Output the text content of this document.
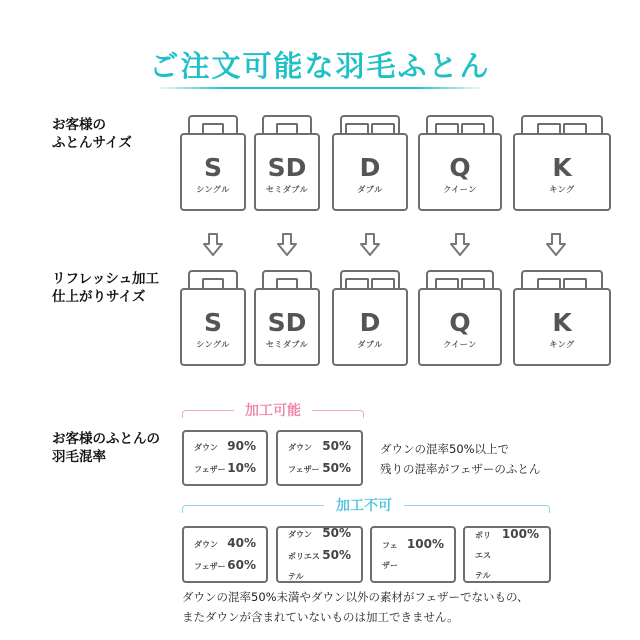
ご注文可能な羽毛ふとん
お客様の
ふとんサイズ
リフレッシュ加工
仕上がりサイズ
S
シングル
SD
セミダブル
D
ダブル
Q
クイーン
K
キング
S
シングル
SD
セミダブル
D
ダブル
Q
クイーン
K
キング
お客様のふとんの
羽毛混率
加工可能
ダウン 90%
フェザー 10%
ダウン 50%
フェザー 50%
ダウンの混率50%以上で
残りの混率がフェザーのふとん
加工不可
ダウン 40%
フェザー 60%
ダウン 50%
ポリエステル
50%
フェザー
100%
ポリエステル
100%
ダウンの混率50%未満やダウン以外の素材がフェザーでないもの、
またダウンが含まれていないものは加工できません。
